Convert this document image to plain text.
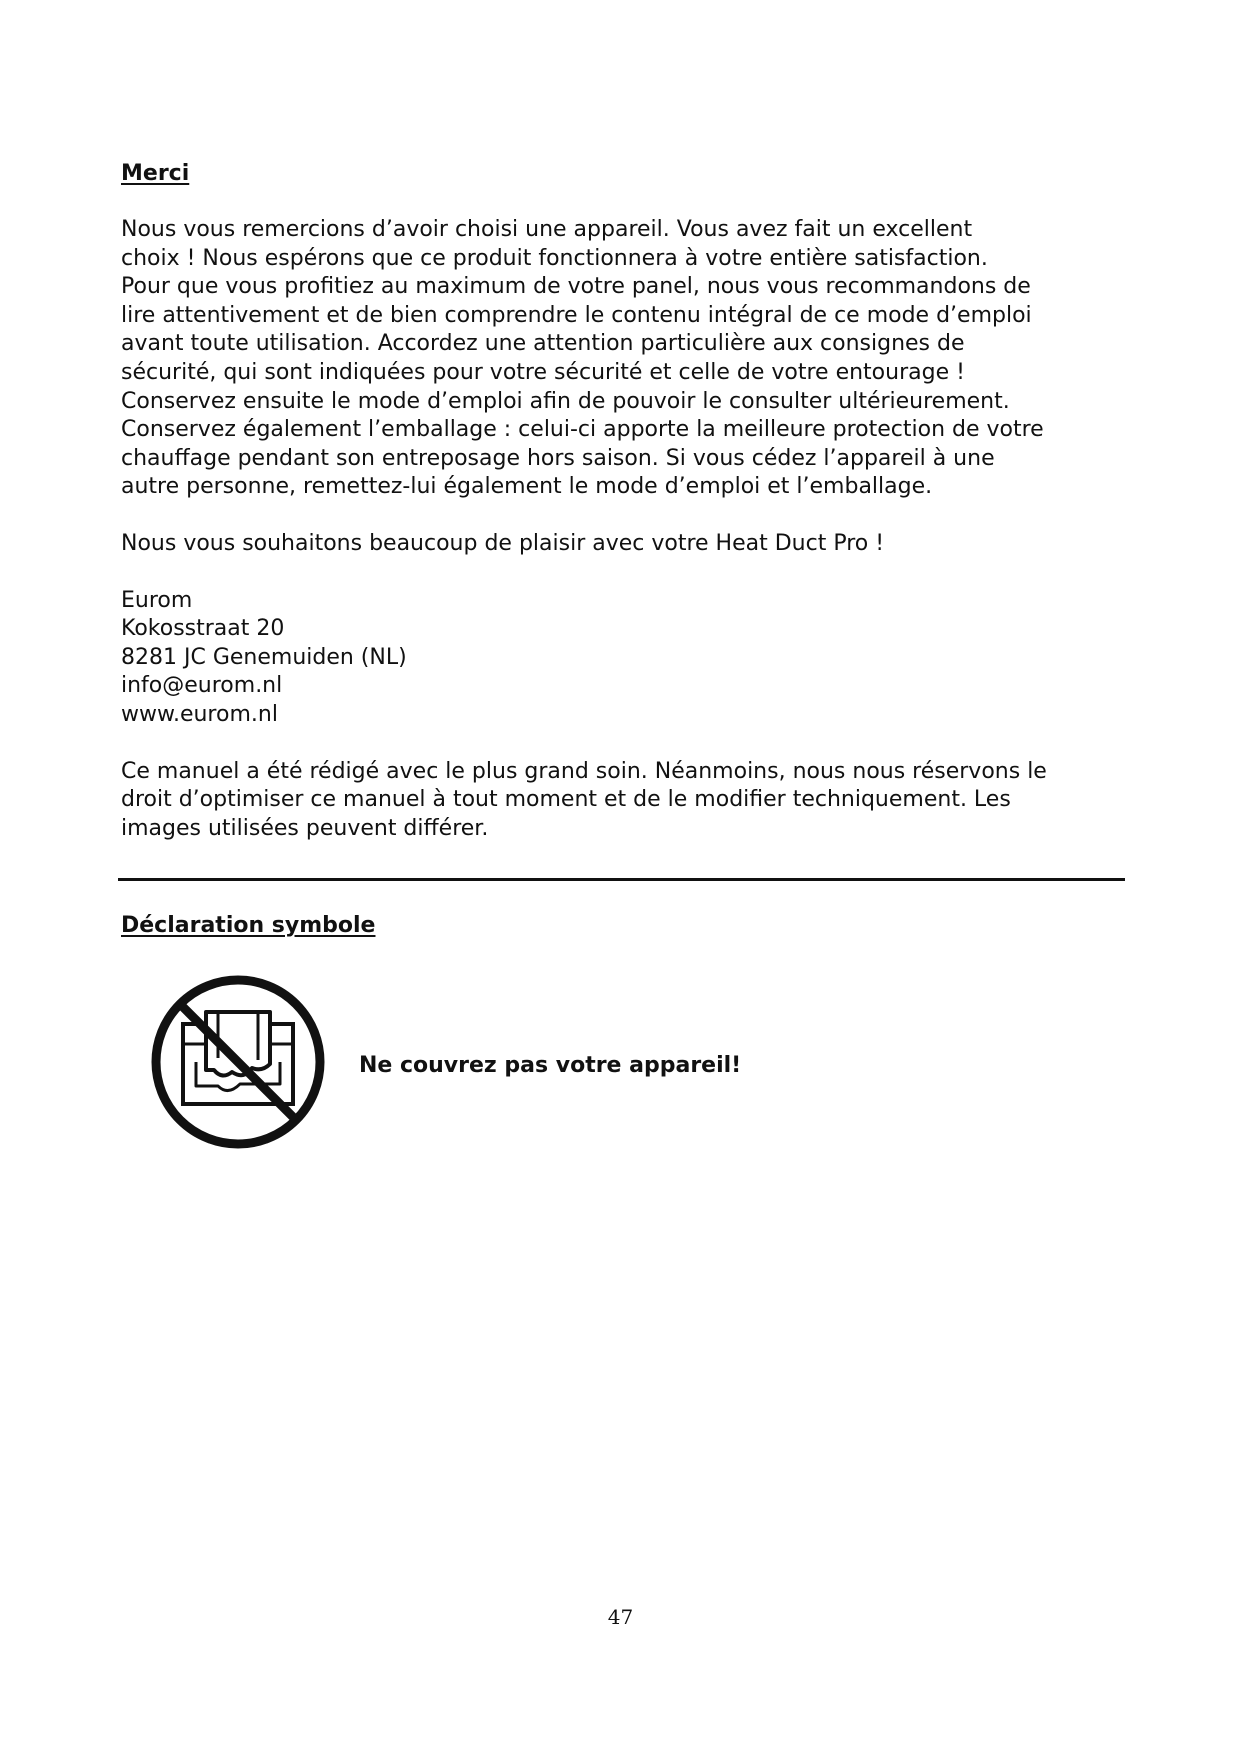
Merci

Nous vous remercions d’avoir choisi une appareil. Vous avez fait un excellent
choix ! Nous espérons que ce produit fonctionnera à votre entière satisfaction.
Pour que vous profitiez au maximum de votre panel, nous vous recommandons de
lire attentivement et de bien comprendre le contenu intégral de ce mode d’emploi
avant toute utilisation. Accordez une attention particulière aux consignes de
sécurité, qui sont indiquées pour votre sécurité et celle de votre entourage !
Conservez ensuite le mode d’emploi afin de pouvoir le consulter ultérieurement.
Conservez également l’emballage : celui-ci apporte la meilleure protection de votre
chauffage pendant son entreposage hors saison. Si vous cédez l’appareil à une
autre personne, remettez-lui également le mode d’emploi et l’emballage.

Nous vous souhaitons beaucoup de plaisir avec votre Heat Duct Pro !

Eurom
Kokosstraat 20
8281 JC Genemuiden (NL)
info@eurom.nl
www.eurom.nl

Ce manuel a été rédigé avec le plus grand soin. Néanmoins, nous nous réservons le
droit d’optimiser ce manuel à tout moment et de le modifier techniquement. Les
images utilisées peuvent différer.

Déclaration symbole
Ne couvrez pas votre appareil!
47
